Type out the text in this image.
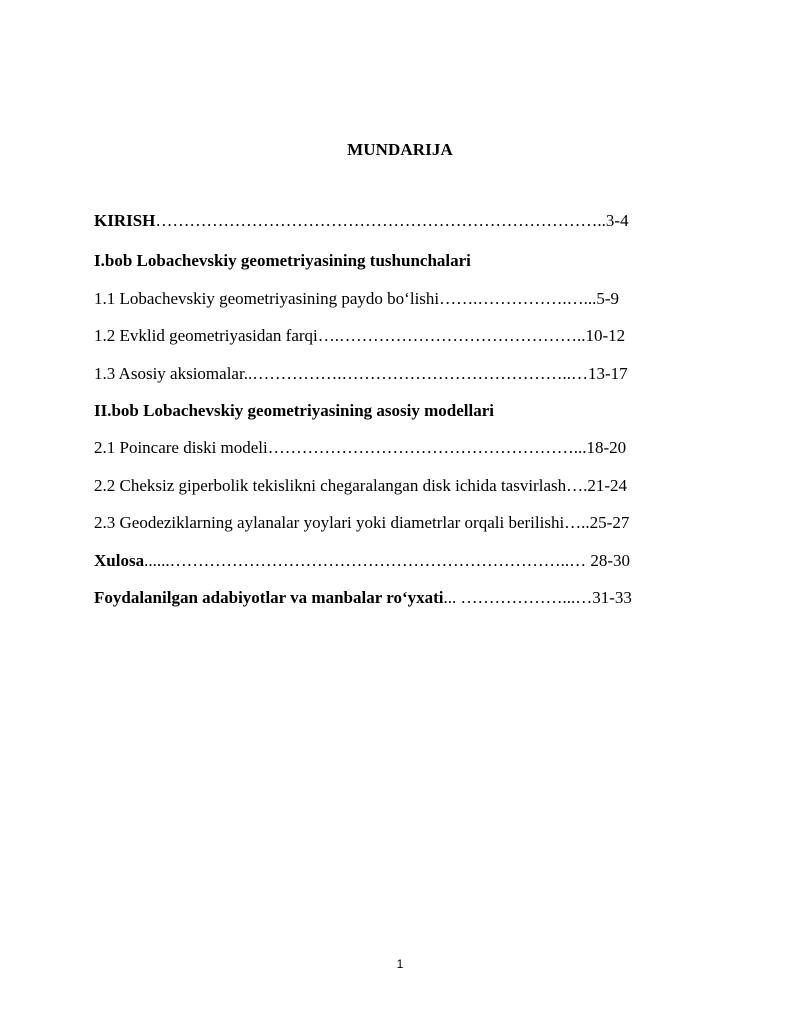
MUNDARIJA
KIRISH……………………………………………………………………..3-4
I.bob Lobachevskiy geometriyasining tushunchalari
1.1 Lobachevskiy geometriyasining paydo bo‘lishi…….…………….…...5-9
1.2 Evklid geometriyasidan farqi….……………………………………..10-12
1.3 Asosiy aksiomalar..…………….…………………………………..…13-17
II.bob Lobachevskiy geometriyasining asosiy modellari
2.1 Poincare diski modeli………………………………………………...18-20
2.2 Cheksiz giperbolik tekislikni chegaralangan disk ichida tasvirlash….21-24
2.3 Geodeziklarning aylanalar yoylari yoki diametrlar orqali berilishi…..25-27
Xulosa......……………………………………………………………..… 28-30
Foydalanilgan adabiyotlar va manbalar ro‘yxati... ………………...…31-33
1
